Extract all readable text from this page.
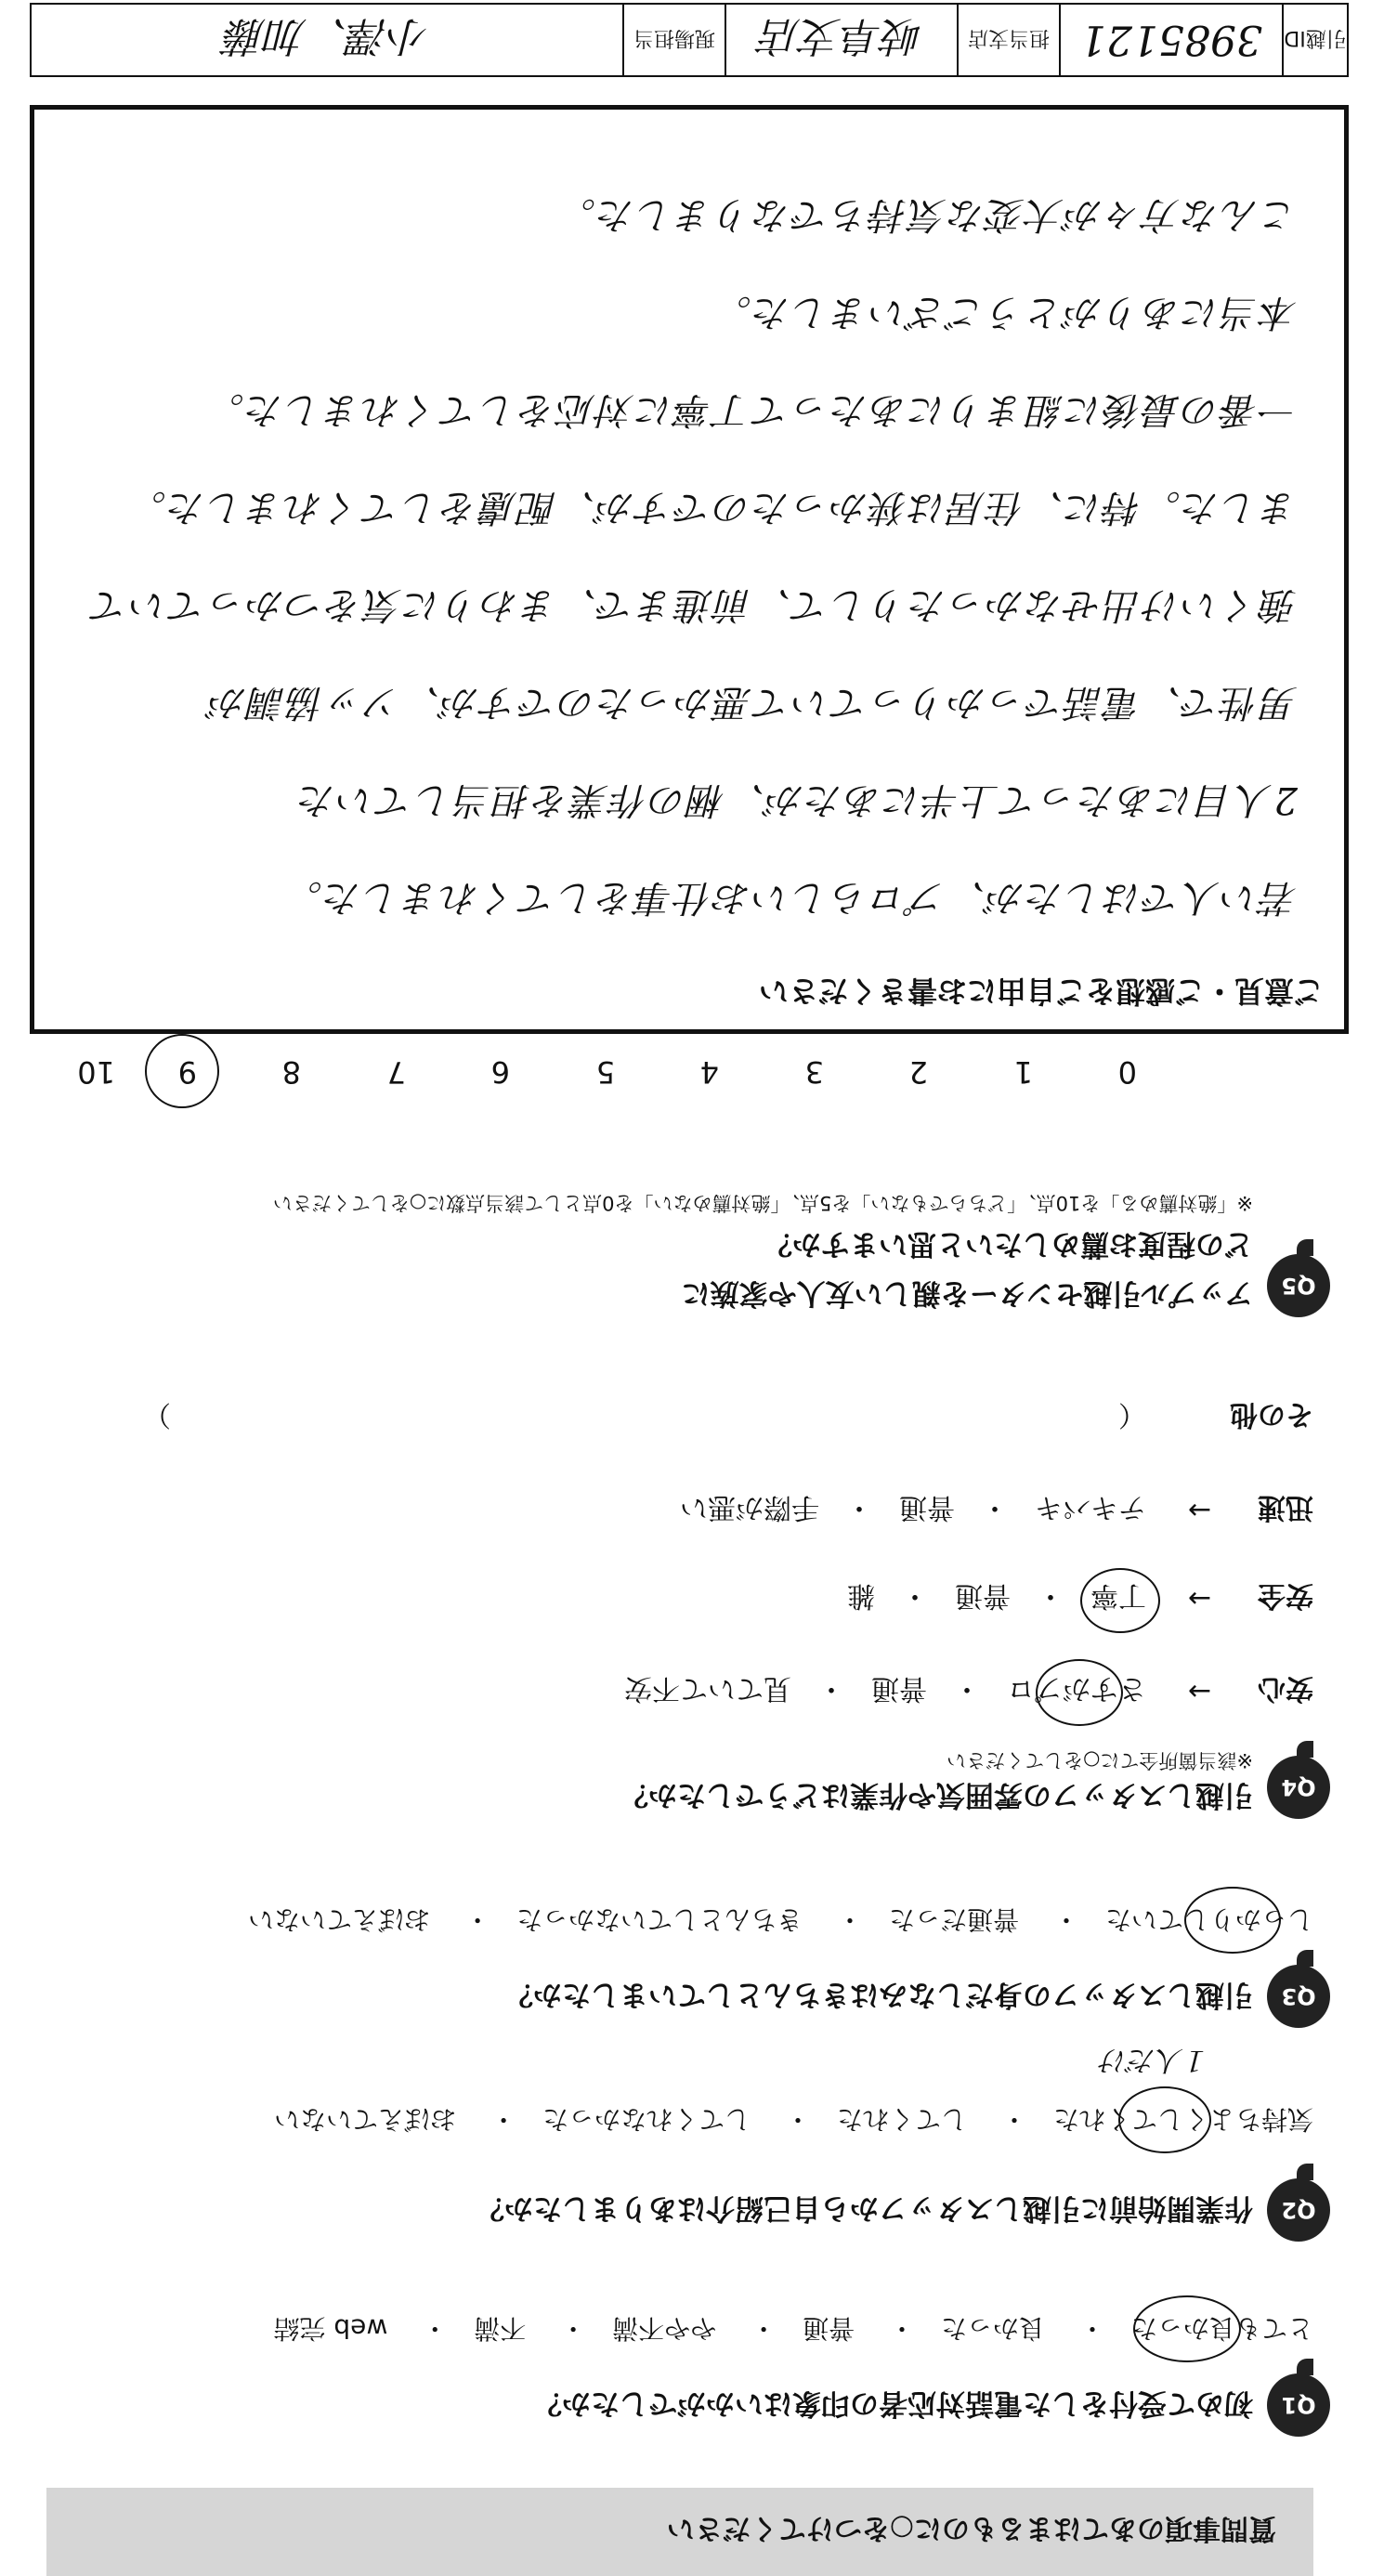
質問事項のあてはまるものに○をつけてください
Q1
初めて受付をした電話対応者の印象はいかがでしたか？
とても良かった・ 良かった・ 普通・ やや不満・ 不満・ web 完結
Q2
作業開始前に引越しスタッフから自己紹介はありましたか？
気持ちよくしてくれた・ してくれた・ してくれなかった・ おぼえていない
１人だけ
Q3
引越しスタッフの身だしなみはきちんとしていましたか？
しっかりしていた・ 普通だった・ きちんとしていなかった・ おぼえていない
Q4
引越しスタッフの雰囲気や作業はどうでしたか？
※該当箇所全てに○をしてください
安心
→
さすがプロ
・
普通
・
見ていて不安
安全
→
丁寧
・
普通
・
雑
迅速
→
テキパキ
・
普通
・
手際が悪い
その他
（　　　　　　　　　　　　　　　　　　　　　　　　　　　　　　　　　　）
Q5
アップル引越センターを親しい友人や家族に
どの程度お薦めしたいと思いますか？
※「絶対薦める」を10点、「どちらでもない」を5点、「絶対薦めない」を0点として該当点数に○をしてください
10 9	8	7	6	5	4	3	2	1	0
ご意見・ご感想をご自由にお書きください
若い人ではしたが、プロらしいお仕事をしてくれました。
2人目にあたって上半にあたが、梱の作業を担当していた
男性で、電話でっかりっていて悪かったのですが、ソッ協調が
強くいけ出せなかったりして、前進まで、まわりに気をつかっていて
ました。特に、住居は狭かったのですが、配慮をしてくれました。
一番の最後に組まりにあたって丁寧に対応をしてくれました。
本当にありがとうございました。
こんな方々が大変な気持ちでなりました。
引越ID
3985121
担当支店
岐阜支店
現場担当
小澤、加藤
